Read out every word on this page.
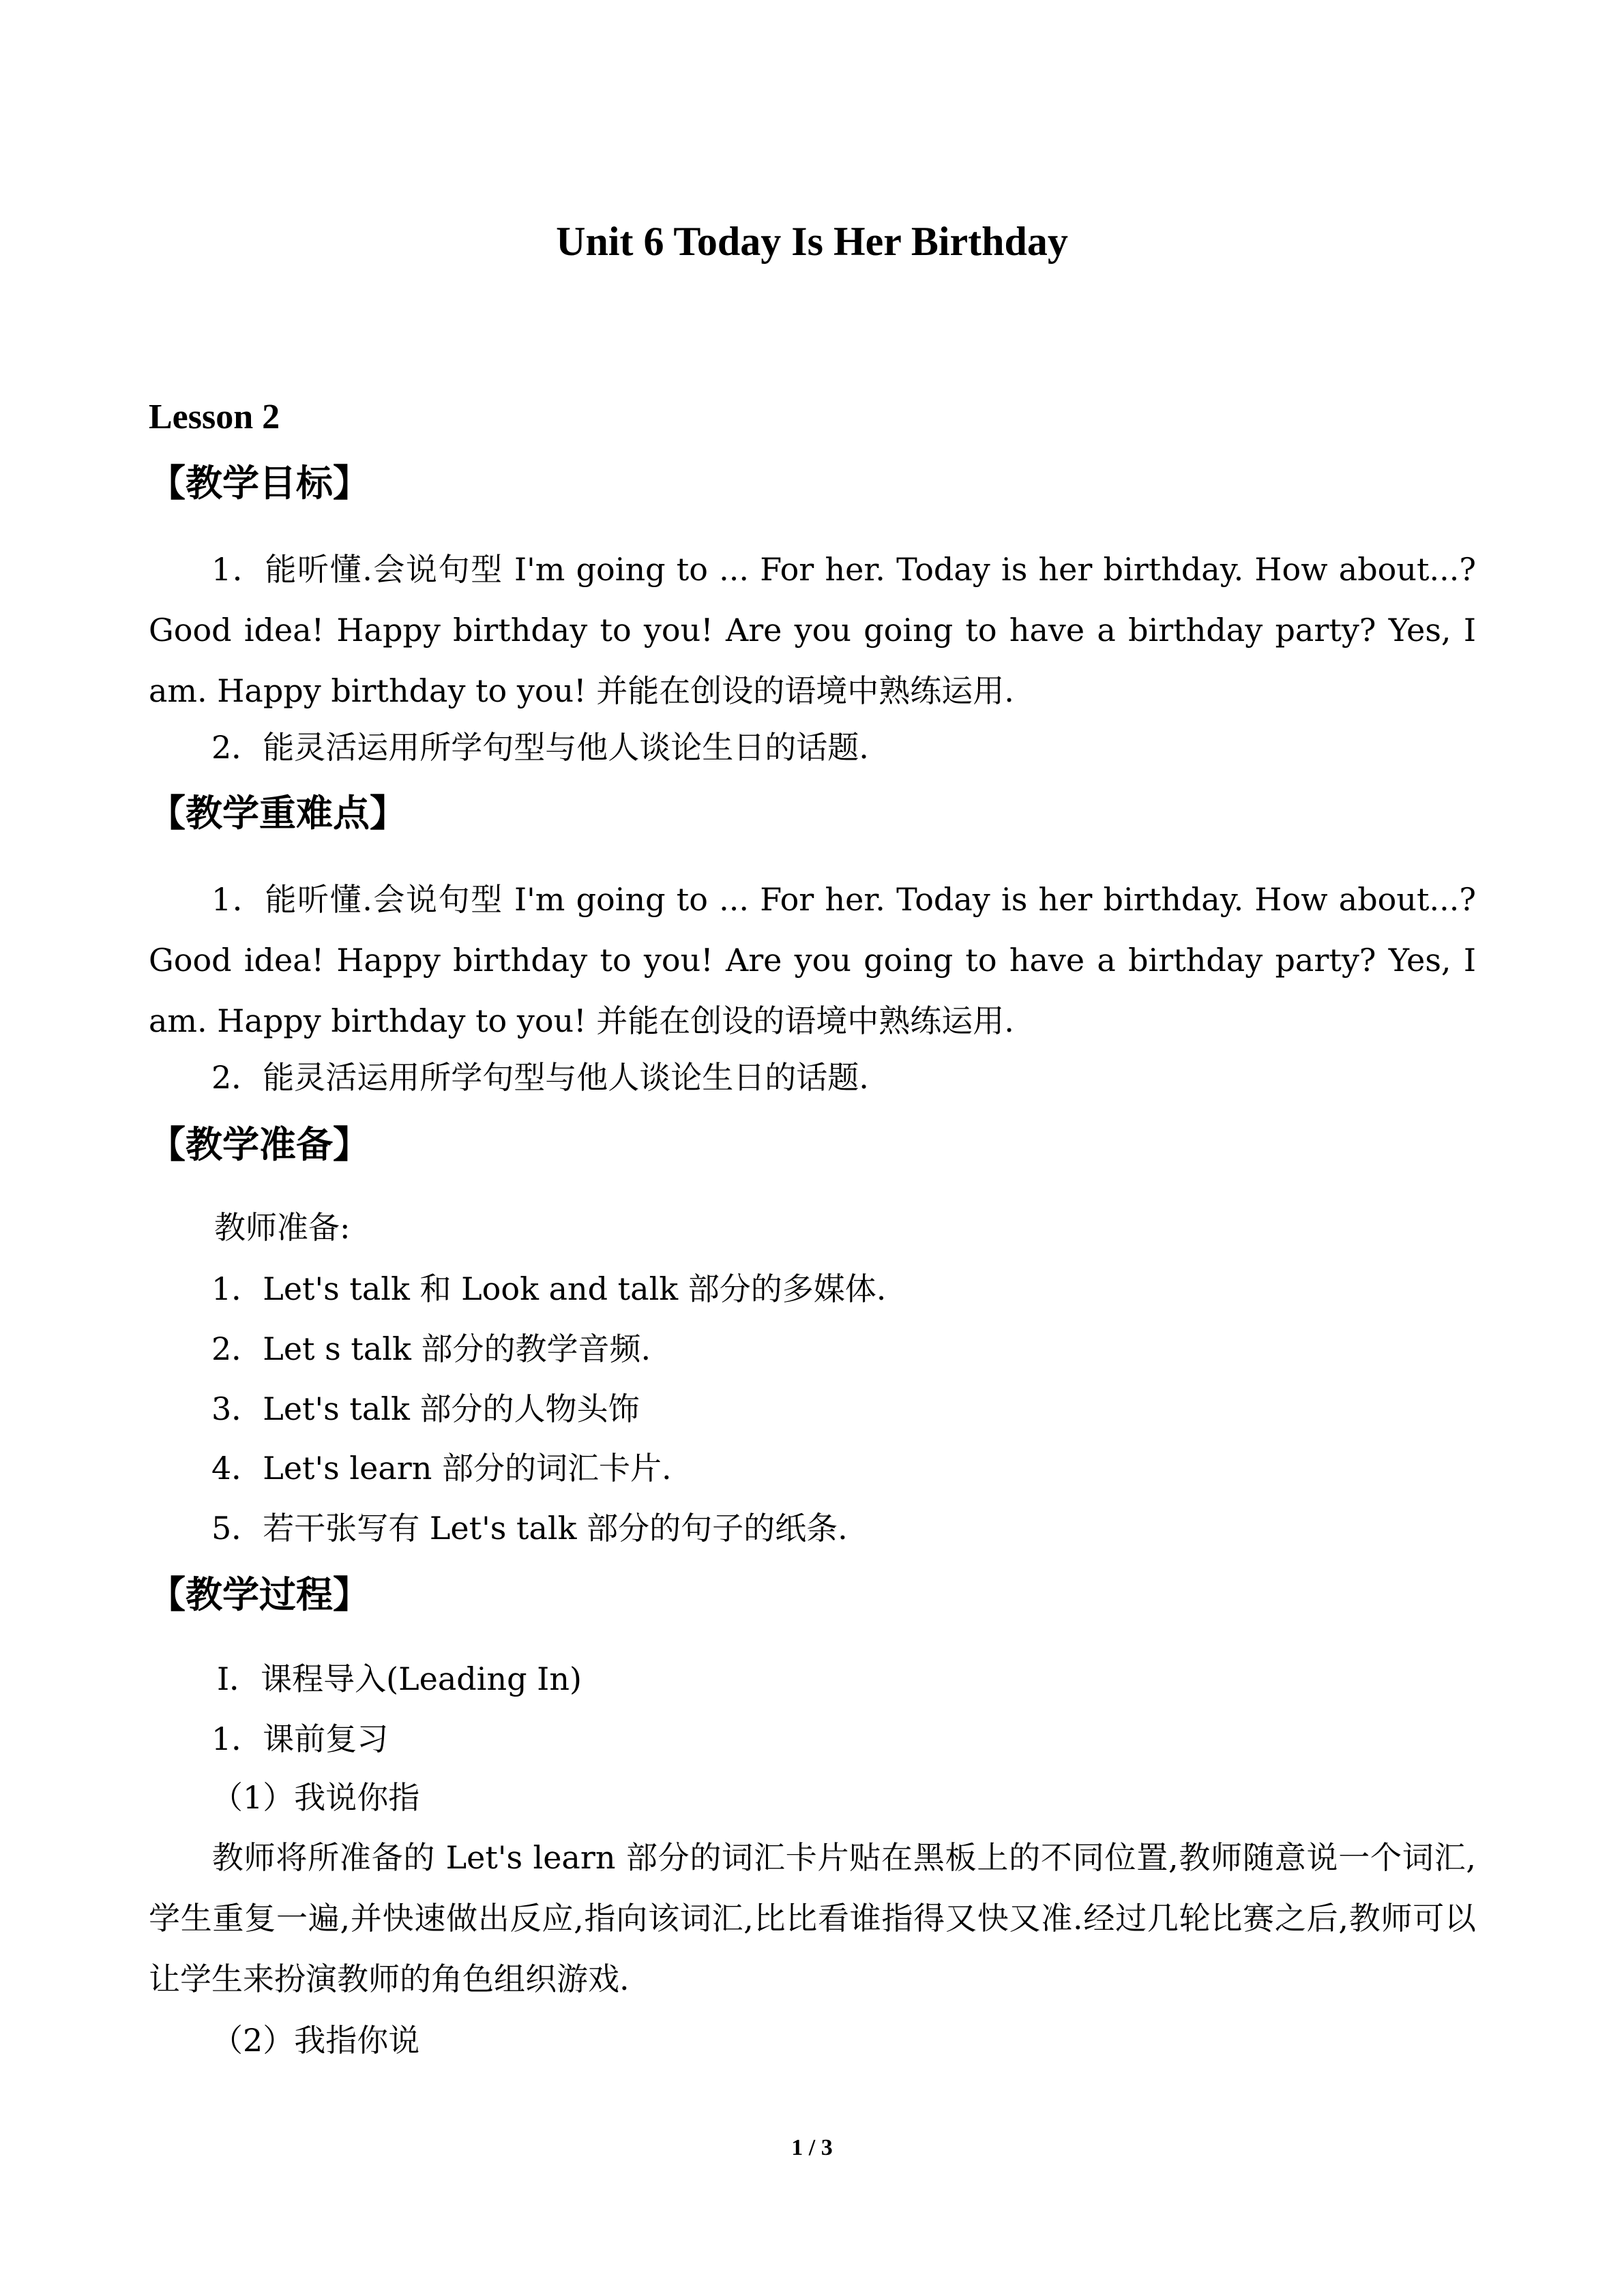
Unit 6 Today Is Her Birthday
Lesson 2
【教学目标】
1．能听懂.会说句型 I'm going to ... For her. Today is her birthday. How about...? Good idea! Happy birthday to you! Are you going to have a birthday party? Yes, I am. Happy birthday to you! 并能在创设的语境中熟练运用.
2．能灵活运用所学句型与他人谈论生日的话题.
【教学重难点】
1．能听懂.会说句型 I'm going to ... For her. Today is her birthday. How about...? Good idea! Happy birthday to you! Are you going to have a birthday party? Yes, I am. Happy birthday to you! 并能在创设的语境中熟练运用.
2．能灵活运用所学句型与他人谈论生日的话题.
【教学准备】
教师准备:
1．Let's talk 和 Look and talk 部分的多媒体.
2．Let s talk 部分的教学音频.
3．Let's talk 部分的人物头饰
4．Let's learn 部分的词汇卡片.
5．若干张写有 Let's talk 部分的句子的纸条.
【教学过程】
Ⅰ．课程导入(Leading In)
1．课前复习
（1）我说你指
教师将所准备的 Let's learn 部分的词汇卡片贴在黑板上的不同位置,教师随意说一个词汇,学生重复一遍,并快速做出反应,指向该词汇,比比看谁指得又快又准.经过几轮比赛之后,教师可以让学生来扮演教师的角色组织游戏.
（2）我指你说
1 / 3
